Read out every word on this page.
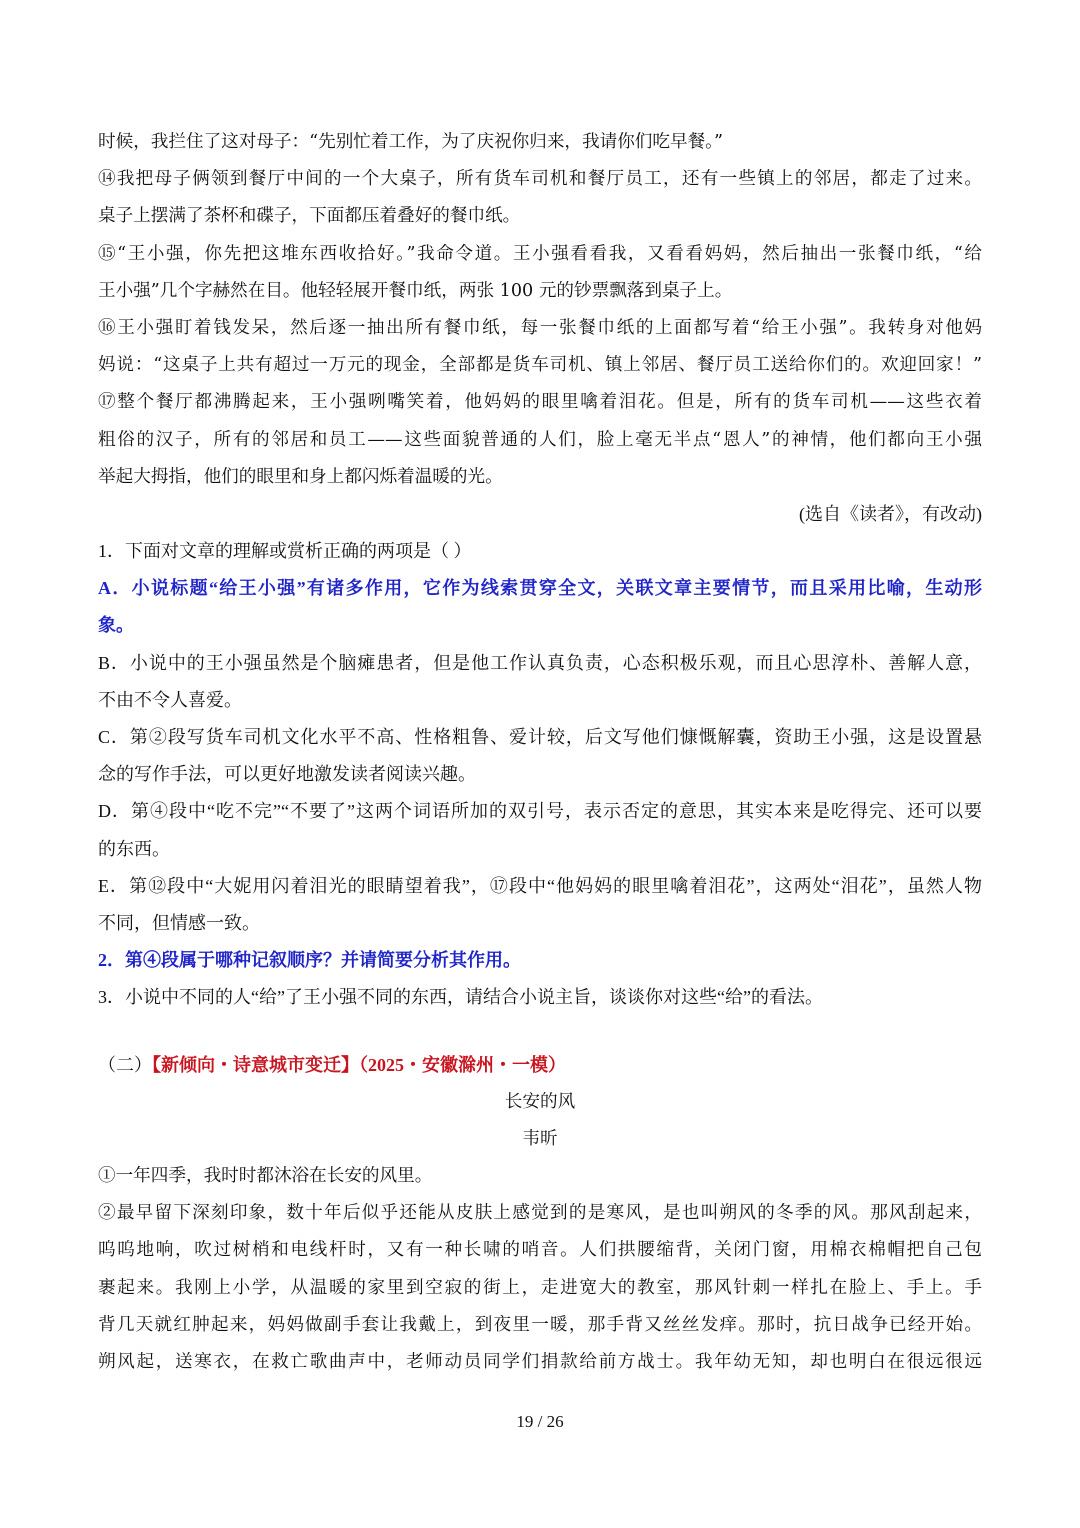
时候，我拦住了这对母子：“先别忙着工作，为了庆祝你归来，我请你们吃早餐。”
⑭我把母子俩领到餐厅中间的一个大桌子，所有货车司机和餐厅员工，还有一些镇上的邻居，都走了过来。
桌子上摆满了茶杯和碟子，下面都压着叠好的餐巾纸。
⑮“王小强，你先把这堆东西收拾好。”我命令道。王小强看看我，又看看妈妈，然后抽出一张餐巾纸，“给
王小强”几个字赫然在目。他轻轻展开餐巾纸，两张 100 元的钞票飘落到桌子上。
⑯王小强盯着钱发呆，然后逐一抽出所有餐巾纸，每一张餐巾纸的上面都写着“给王小强”。我转身对他妈
妈说：“这桌子上共有超过一万元的现金，全部都是货车司机、镇上邻居、餐厅员工送给你们的。欢迎回家！”
⑰整个餐厅都沸腾起来，王小强咧嘴笑着，他妈妈的眼里噙着泪花。但是，所有的货车司机——这些衣着
粗俗的汉子，所有的邻居和员工——这些面貌普通的人们，脸上毫无半点“恩人”的神情，他们都向王小强
举起大拇指，他们的眼里和身上都闪烁着温暖的光。
(选自《读者》，有改动)
1．下面对文章的理解或赏析正确的两项是（ ）
A．小说标题“给王小强”有诸多作用，它作为线索贯穿全文，关联文章主要情节，而且采用比喻，生动形
象。
B．小说中的王小强虽然是个脑瘫患者，但是他工作认真负责，心态积极乐观，而且心思淳朴、善解人意，
不由不令人喜爱。
C．第②段写货车司机文化水平不高、性格粗鲁、爱计较，后文写他们慷慨解囊，资助王小强，这是设置悬
念的写作手法，可以更好地激发读者阅读兴趣。
D．第④段中“吃不完”“不要了”这两个词语所加的双引号，表示否定的意思，其实本来是吃得完、还可以要
的东西。
E．第⑫段中“大妮用闪着泪光的眼睛望着我”，⑰段中“他妈妈的眼里噙着泪花”，这两处“泪花”，虽然人物
不同，但情感一致。
2．第④段属于哪种记叙顺序？并请简要分析其作用。
3．小说中不同的人“给”了王小强不同的东西，请结合小说主旨，谈谈你对这些“给”的看法。
（二）【新倾向・诗意城市变迁】（2025・安徽滁州・一模）
长安的风
韦昕
①一年四季，我时时都沐浴在长安的风里。
②最早留下深刻印象，数十年后似乎还能从皮肤上感觉到的是寒风，是也叫朔风的冬季的风。那风刮起来，
呜呜地响，吹过树梢和电线杆时，又有一种长啸的哨音。人们拱腰缩背，关闭门窗，用棉衣棉帽把自己包
裹起来。我刚上小学，从温暖的家里到空寂的街上，走进宽大的教室，那风针刺一样扎在脸上、手上。手
背几天就红肿起来，妈妈做副手套让我戴上，到夜里一暖，那手背又丝丝发痒。那时，抗日战争已经开始。
朔风起，送寒衣，在救亡歌曲声中，老师动员同学们捐款给前方战士。我年幼无知，却也明白在很远很远
19 / 26
